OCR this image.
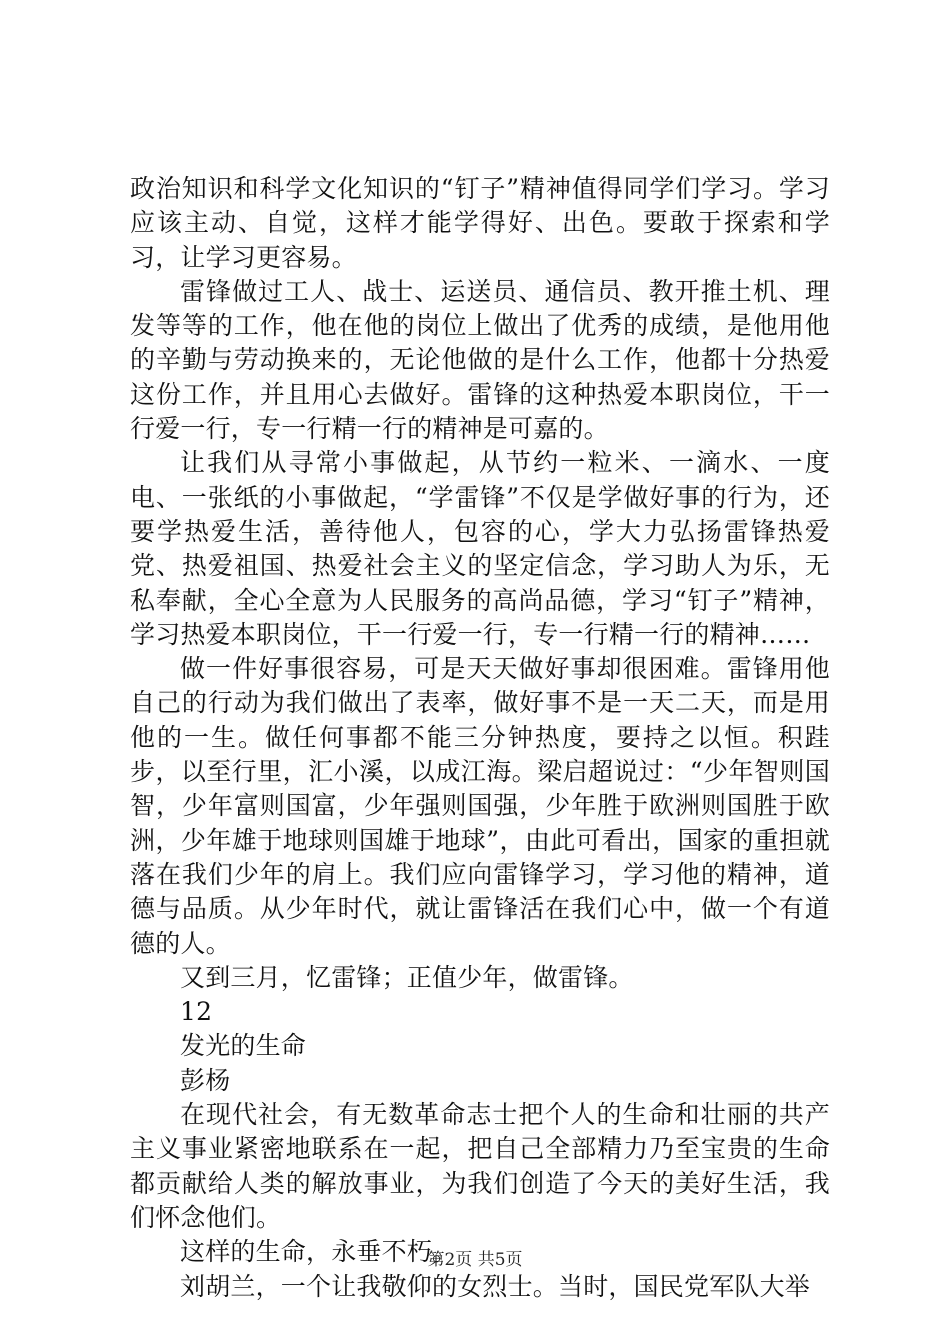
政治知识和科学文化知识的“钉子”精神值得同学们学习。学习应该主动、自觉，这样才能学得好、出色。要敢于探索和学习，让学习更容易。

雷锋做过工人、战士、运送员、通信员、教开推土机、理发等等的工作，他在他的岗位上做出了优秀的成绩，是他用他的辛勤与劳动换来的，无论他做的是什么工作，他都十分热爱这份工作，并且用心去做好。雷锋的这种热爱本职岗位，干一行爱一行，专一行精一行的精神是可嘉的。

让我们从寻常小事做起，从节约一粒米、一滴水、一度电、一张纸的小事做起，“学雷锋”不仅是学做好事的行为，还要学热爱生活，善待他人，包容的心，学大力弘扬雷锋热爱党、热爱祖国、热爱社会主义的坚定信念，学习助人为乐，无私奉献，全心全意为人民服务的高尚品德，学习“钉子”精神，学习热爱本职岗位，干一行爱一行，专一行精一行的精神……

做一件好事很容易，可是天天做好事却很困难。雷锋用他自己的行动为我们做出了表率，做好事不是一天二天，而是用他的一生。做任何事都不能三分钟热度，要持之以恒。积跬步，以至行里，汇小溪，以成江海。梁启超说过：“少年智则国智，少年富则国富，少年强则国强，少年胜于欧洲则国胜于欧洲，少年雄于地球则国雄于地球”，由此可看出，国家的重担就落在我们少年的肩上。我们应向雷锋学习，学习他的精神，道德与品质。从少年时代，就让雷锋活在我们心中，做一个有道德的人。

又到三月，忆雷锋；正值少年，做雷锋。

12

发光的生命

彭杨

在现代社会，有无数革命志士把个人的生命和壮丽的共产主义事业紧密地联系在一起，把自己全部精力乃至宝贵的生命都贡献给人类的解放事业，为我们创造了今天的美好生活，我们怀念他们。

这样的生命，永垂不朽。

刘胡兰，一个让我敬仰的女烈士。当时，国民党军队大举

第2页 共5页
